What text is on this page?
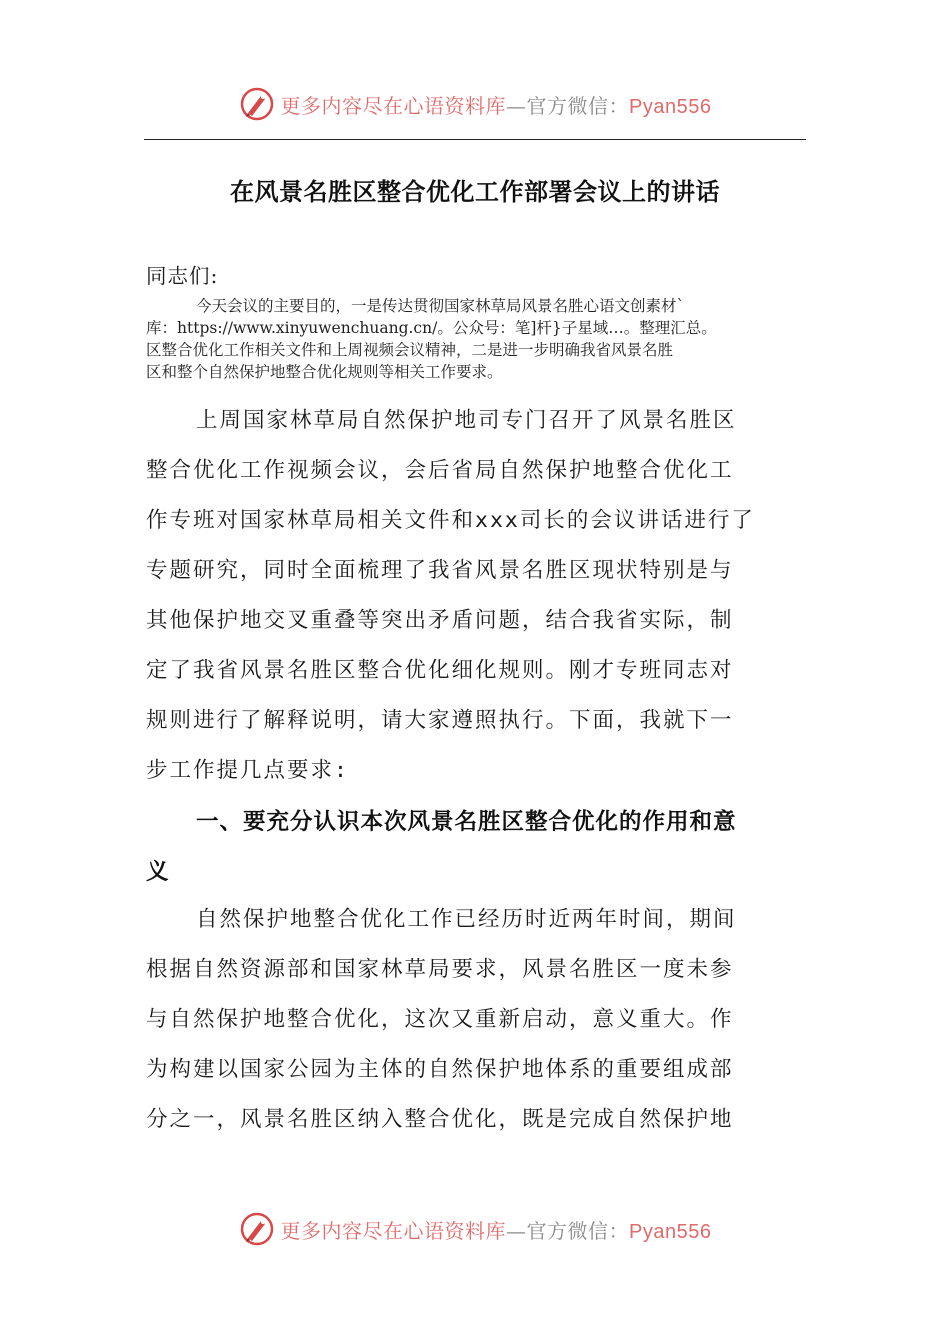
更多内容尽在心语资料库—官方微信：Pyan556
在风景名胜区整合优化工作部署会议上的讲话
同志们:
今天会议的主要目的，一是传达贯彻国家林草局风景名胜心语文创素材`
库：https://www.xinyuwenchuang.cn/。公众号：笔]杆}子星域…。整理汇总。
区整合优化工作相关文件和上周视频会议精神，二是进一步明确我省风景名胜
区和整个自然保护地整合优化规则等相关工作要求。
上周国家林草局自然保护地司专门召开了风景名胜区
整合优化工作视频会议，会后省局自然保护地整合优化工
作专班对国家林草局相关文件和xxx司长的会议讲话进行了
专题研究，同时全面梳理了我省风景名胜区现状特别是与
其他保护地交叉重叠等突出矛盾问题，结合我省实际，制
定了我省风景名胜区整合优化细化规则。刚才专班同志对
规则进行了解释说明，请大家遵照执行。下面，我就下一
步工作提几点要求:
一、要充分认识本次风景名胜区整合优化的作用和意
义
自然保护地整合优化工作已经历时近两年时间，期间
根据自然资源部和国家林草局要求，风景名胜区一度未参
与自然保护地整合优化，这次又重新启动，意义重大。作
为构建以国家公园为主体的自然保护地体系的重要组成部
分之一，风景名胜区纳入整合优化，既是完成自然保护地
更多内容尽在心语资料库—官方微信：Pyan556
